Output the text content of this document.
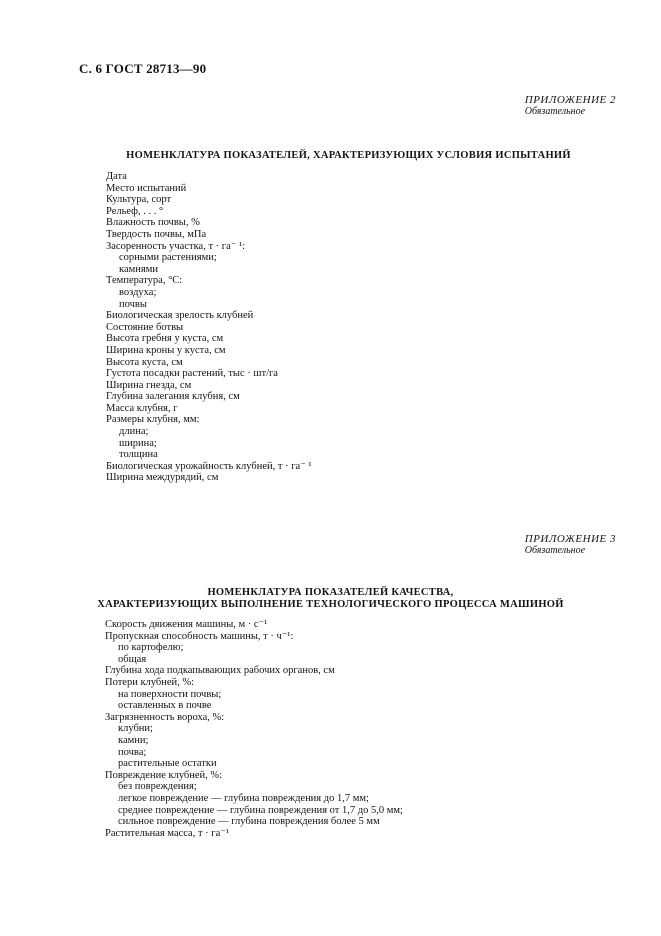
С. 6 ГОСТ 28713—90
ПРИЛОЖЕНИЕ 2
Обязательное
НОМЕНКЛАТУРА ПОКАЗАТЕЛЕЙ, ХАРАКТЕРИЗУЮЩИХ УСЛОВИЯ ИСПЫТАНИЙ
Дата
Место испытаний
Культура, сорт
Рельеф, . . . °
Влажность почвы, %
Твердость почвы, мПа
Засоренность участка, т · га⁻ ¹:
сорными растениями;
камнями
Температура, °С:
воздуха;
почвы
Биологическая зрелость клубней
Состояние ботвы
Высота гребня у куста, см
Ширина кроны у куста, см
Высота куста, см
Густота посадки растений, тыс · шт/га
Ширина гнезда, см
Глубина залегания клубня, см
Масса клубня, г
Размеры клубня, мм:
длина;
ширина;
толщина
Биологическая урожайность клубней, т · га⁻ ¹
Ширина междурядий, см
ПРИЛОЖЕНИЕ 3
Обязательное
НОМЕНКЛАТУРА ПОКАЗАТЕЛЕЙ КАЧЕСТВА,
ХАРАКТЕРИЗУЮЩИХ ВЫПОЛНЕНИЕ ТЕХНОЛОГИЧЕСКОГО ПРОЦЕССА МАШИНОЙ
Скорость движения машины, м · с⁻¹
Пропускная способность машины, т · ч⁻¹:
по картофелю;
общая
Глубина хода подкапывающих рабочих органов, см
Потери клубней, %:
на поверхности почвы;
оставленных в почве
Загрязненность вороха, %:
клубни;
камни;
почва;
растительные остатки
Повреждение клубней, %:
без повреждения;
легкое повреждение — глубина повреждения до 1,7 мм;
среднее повреждение — глубина повреждения от 1,7 до 5,0 мм;
сильное повреждение — глубина повреждения более 5 мм
Растительная масса, т · га⁻¹
